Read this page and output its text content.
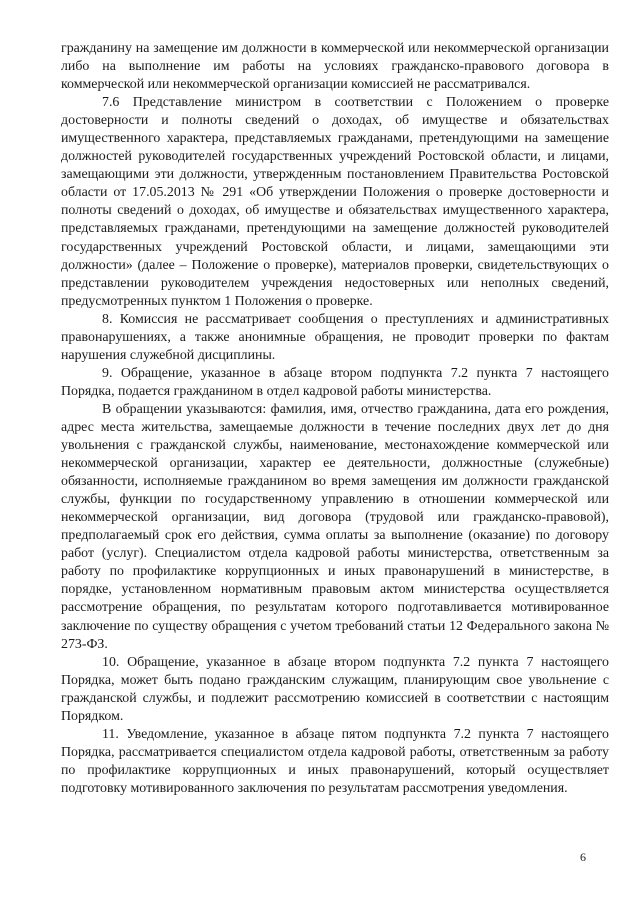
гражданину на замещение им должности в коммерческой или некоммерческой организации либо на выполнение им работы на условиях гражданско-правового договора в коммерческой или некоммерческой организации комиссией не рассматривался.

7.6 Представление министром в соответствии с Положением о проверке достоверности и полноты сведений о доходах, об имуществе и обязательствах имущественного характера, представляемых гражданами, претендующими на замещение должностей руководителей государственных учреждений Ростовской области, и лицами, замещающими эти должности, утвержденным постановлением Правительства Ростовской области от 17.05.2013 № 291 «Об утверждении Положения о проверке достоверности и полноты сведений о доходах, об имуществе и обязательствах имущественного характера, представляемых гражданами, претендующими на замещение должностей руководителей государственных учреждений Ростовской области, и лицами, замещающими эти должности» (далее – Положение о проверке), материалов проверки, свидетельствующих о представлении руководителем учреждения недостоверных или неполных сведений, предусмотренных пунктом 1 Положения о проверке.

8. Комиссия не рассматривает сообщения о преступлениях и административных правонарушениях, а также анонимные обращения, не проводит проверки по фактам нарушения служебной дисциплины.

9. Обращение, указанное в абзаце втором подпункта 7.2 пункта 7 настоящего Порядка, подается гражданином в отдел кадровой работы министерства.

В обращении указываются: фамилия, имя, отчество гражданина, дата его рождения, адрес места жительства, замещаемые должности в течение последних двух лет до дня увольнения с гражданской службы, наименование, местонахождение коммерческой или некоммерческой организации, характер ее деятельности, должностные (служебные) обязанности, исполняемые гражданином во время замещения им должности гражданской службы, функции по государственному управлению в отношении коммерческой или некоммерческой организации, вид договора (трудовой или гражданско-правовой), предполагаемый срок его действия, сумма оплаты за выполнение (оказание) по договору работ (услуг). Специалистом отдела кадровой работы министерства, ответственным за работу по профилактике коррупционных и иных правонарушений в министерстве, в порядке, установленном нормативным правовым актом министерства осуществляется рассмотрение обращения, по результатам которого подготавливается мотивированное заключение по существу обращения с учетом требований статьи 12 Федерального закона № 273-ФЗ.

10. Обращение, указанное в абзаце втором подпункта 7.2 пункта 7 настоящего Порядка, может быть подано гражданским служащим, планирующим свое увольнение с гражданской службы, и подлежит рассмотрению комиссией в соответствии с настоящим Порядком.

11. Уведомление, указанное в абзаце пятом подпункта 7.2 пункта 7 настоящего Порядка, рассматривается специалистом отдела кадровой работы, ответственным за работу по профилактике коррупционных и иных правонарушений, который осуществляет подготовку мотивированного заключения по результатам рассмотрения уведомления.

6
